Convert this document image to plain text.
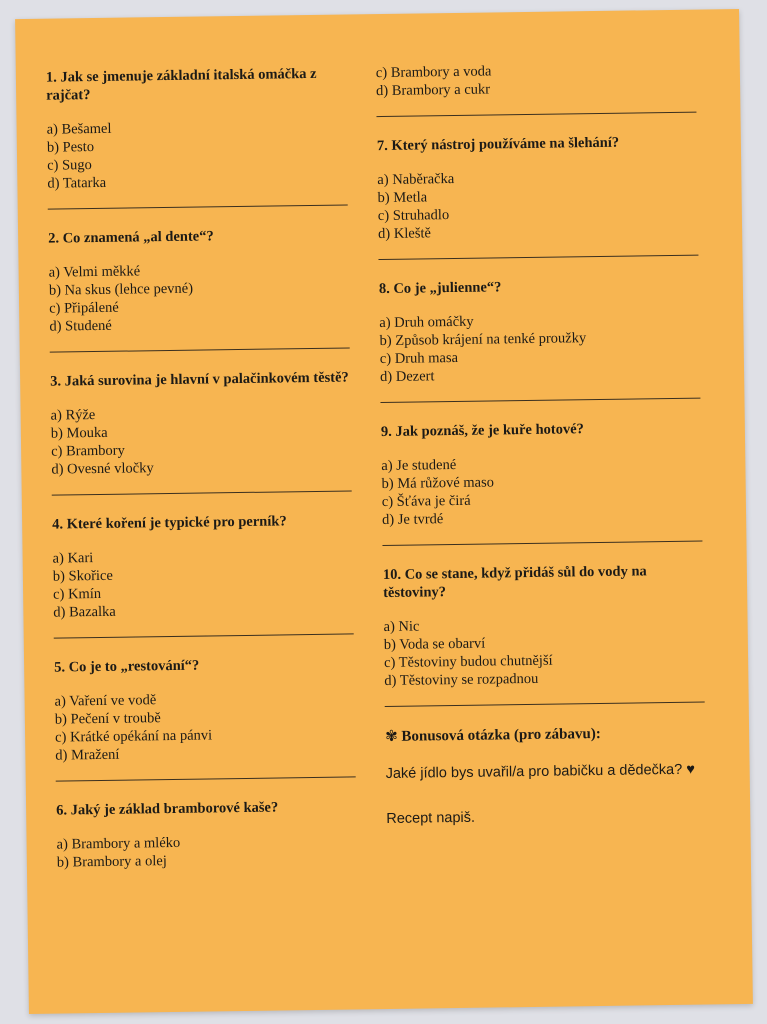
1. Jak se jmenuje základní italská omáčka z rajčat?

a) Bešamel

b) Pesto

c) Sugo

d) Tatarka

2. Co znamená „al dente“?

a) Velmi měkké

b) Na skus (lehce pevné)

c) Připálené

d) Studené

3. Jaká surovina je hlavní v palačinkovém těstě?

a) Rýže

b) Mouka

c) Brambory

d) Ovesné vločky

4. Které koření je typické pro perník?

a) Kari

b) Skořice

c) Kmín

d) Bazalka

5. Co je to „restování“?

a) Vaření ve vodě

b) Pečení v troubě

c) Krátké opékání na pánvi

d) Mražení

6. Jaký je základ bramborové kaše?

a) Brambory a mléko

b) Brambory a olej

c) Brambory a voda

d) Brambory a cukr

7. Který nástroj používáme na šlehání?

a) Naběračka

b) Metla

c) Struhadlo

d) Kleště

8. Co je „julienne“?

a) Druh omáčky

b) Způsob krájení na tenké proužky

c) Druh masa

d) Dezert

9. Jak poznáš, že je kuře hotové?

a) Je studené

b) Má růžové maso

c) Šťáva je čirá

d) Je tvrdé

10. Co se stane, když přidáš sůl do vody na těstoviny?

a) Nic

b) Voda se obarví

c) Těstoviny budou chutnější

d) Těstoviny se rozpadnou

✾ Bonusová otázka (pro zábavu):

Jaké jídlo bys uvařil/a pro babičku a dědečka? ♥

Recept napiš.
